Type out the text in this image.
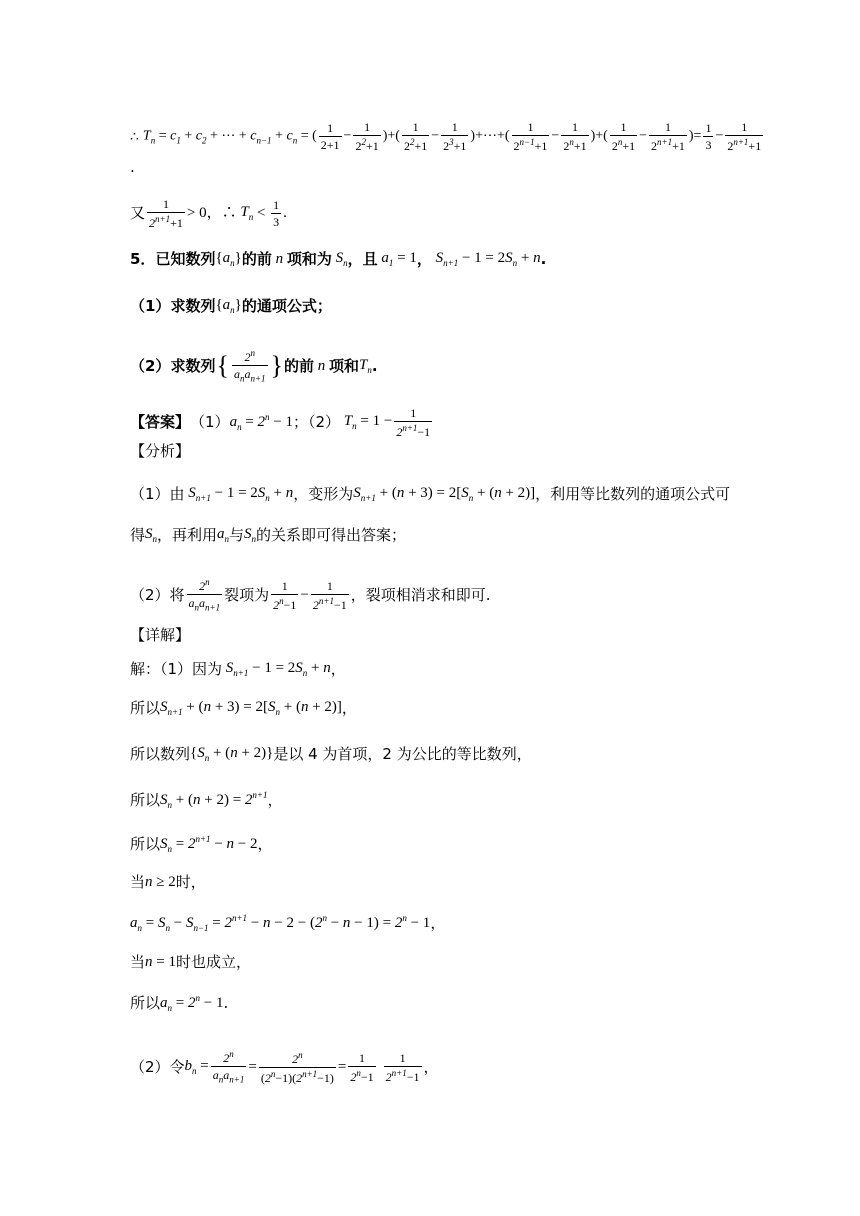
∴ $T_n = c_1 + c_2$ + ⋯ + $c_{n-1} + c_n$ = ( $\frac{1}{2+1} - \frac{1}{2^2+1}$ )+( $\frac{1}{2^2+1} - \frac{1}{2^3+1}$ )+⋯+( $\frac{1}{2^{n-1}+1} - \frac{1}{2^n+1}$ )+( $\frac{1}{2^n+1} - \frac{1}{2^{n+1}+1}$ )= $\frac{1}{3} - \frac{1}{2^{n+1}+1}$
.
又 $\frac{1}{2^{n+1}+1} > 0$，∴ $T_n < \frac{1}{3}$ .
5． 已知数列 $\{a_n\}$ 的前 n 项和为 $S_n$ ，且 $a_1 = 1$ ， $S_{n+1} - 1 = 2S_n + n$ .
（1） 求数列 $\{a_n\}$ 的通项公式；
（2） 求数列 { $\frac{2^n}{a_na_{n+1}}$ } 的前 n 项和 $T_n$ .
【答案】 （1） $a_n = 2^n - 1$ ；（2） $T_n = 1 - \frac{1}{2^{n+1}-1}$
【分析】
（1）由 $S_{n+1} - 1 = 2S_n + n$ ，变形为 $S_{n+1} + (n + 3) = 2[S_n + (n + 2)]$ ，利用等比数列的通项公式可
得 $S_n$ ，再利用 $a_n$ 与 $S_n$ 的关系即可得出答案；
（2）将 $\frac{2^n}{a_na_{n+1}}$ 裂项为 $\frac{1}{2^n-1} - \frac{1}{2^{n+1}-1}$ ，裂项相消求和即可.
【详解】
解：（1）因为 $S_{n+1} - 1 = 2S_n + n$ ，
所以 $S_{n+1} + (n + 3) = 2[S_n + (n + 2)]$ ，
所以数列 $\{S_n + (n + 2)\}$ 是以 4 为首项，2 为公比的等比数列，
所以 $S_n + (n + 2) = 2^{n+1}$ ，
所以 $S_n = 2^{n+1} - n - 2$ ，
当 n ≥ 2 时，
$a_n = S_n - S_{n-1} = 2^{n+1} - n - 2 - (2^n - n - 1) = 2^n - 1$ ，
当 n = 1 时也成立，
所以 $a_n = 2^n - 1$ .
（2）令 $b_n = \frac{2^n}{a_na_{n+1}} = \frac{2^n}{(2^n-1)(2^{n+1}-1)} = \frac{1}{2^n-1} \frac{1}{2^{n+1}-1}$ ，
